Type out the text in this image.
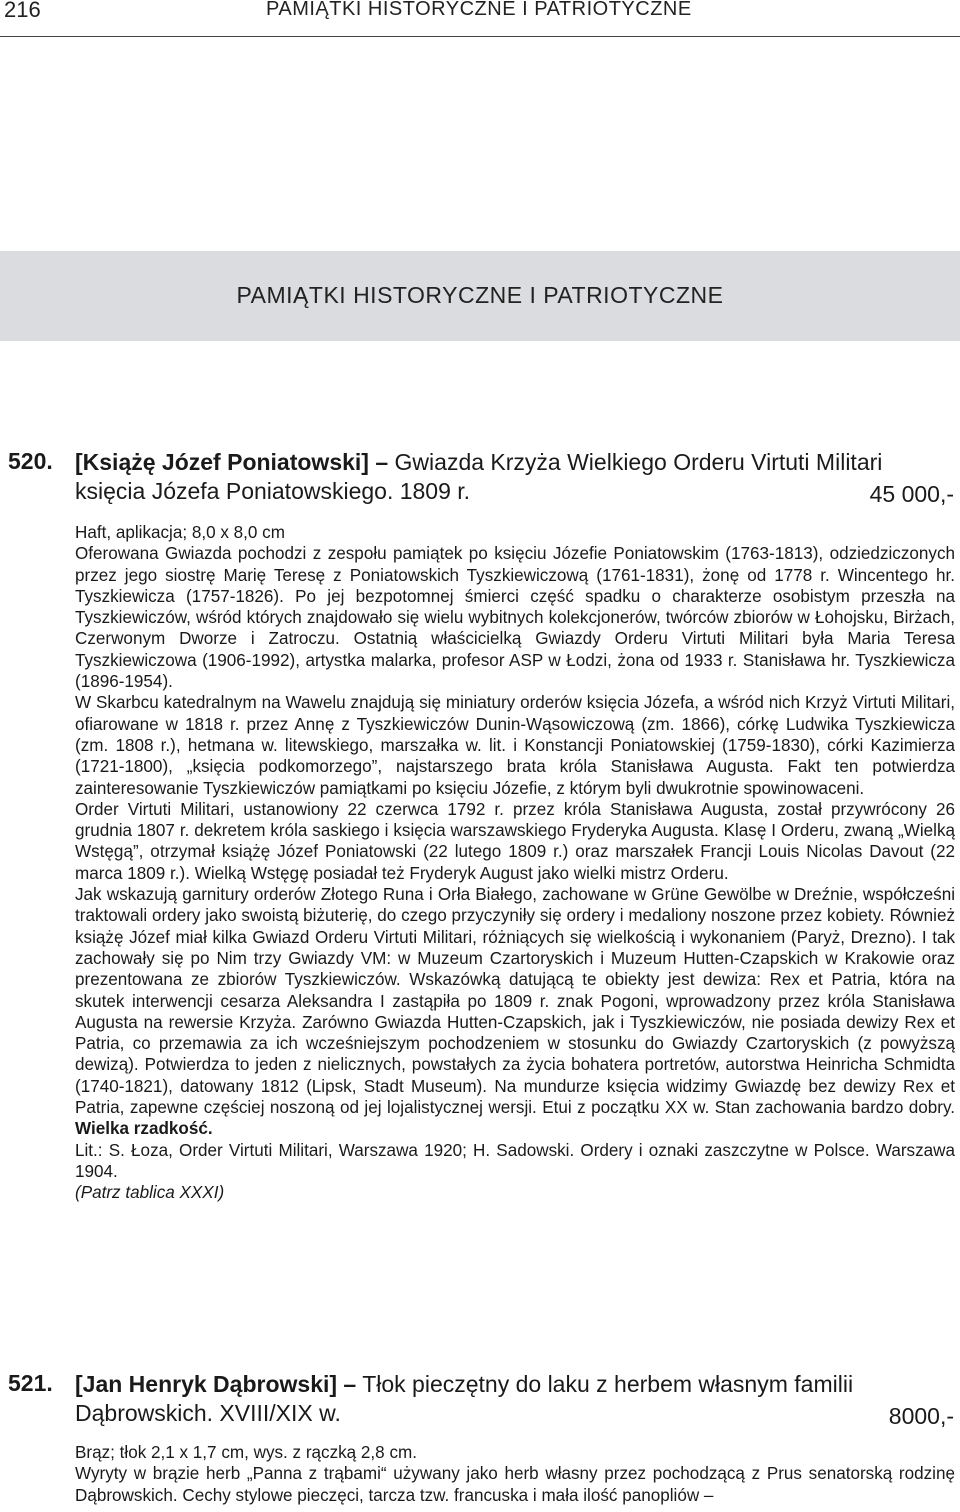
216	PAMIĄTKI HISTORYCZNE I PATRIOTYCZNE
PAMIĄTKI HISTORYCZNE I PATRIOTYCZNE
520. [Książę Józef Poniatowski] – Gwiazda Krzyża Wielkiego Orderu Virtuti Militari
księcia Józefa Poniatowskiego. 1809 r.	45 000,-

Haft, aplikacja; 8,0 x 8,0 cm

Oferowana Gwiazda pochodzi z zespołu pamiątek po księciu Józefie Poniatowskim (1763-1813), odziedziczonych przez jego siostrę Marię Teresę z Poniatowskich Tyszkiewiczową (1761-1831), żonę od 1778 r. Wincentego hr. Tyszkiewicza (1757-1826). Po jej bezpotomnej śmierci część spadku o charakterze osobistym przeszła na Tyszkiewiczów, wśród których znajdowało się wielu wybitnych kolekcjonerów, twórców zbiorów w Łohojsku, Birżach, Czerwonym Dworze i Zatroczu. Ostatnią właścicielką Gwiazdy Orderu Virtuti Militari była Maria Teresa Tyszkiewiczowa (1906-1992), artystka malarka, profesor ASP w Łodzi, żona od 1933 r. Stanisława hr. Tyszkiewicza (1896-1954).

W Skarbcu katedralnym na Wawelu znajdują się miniatury orderów księcia Józefa, a wśród nich Krzyż Virtuti Militari, ofiarowane w 1818 r. przez Annę z Tyszkiewiczów Dunin-Wąsowiczową (zm. 1866), córkę Ludwika Tyszkiewicza (zm. 1808 r.), hetmana w. litewskiego, marszałka w. lit. i Konstancji Poniatowskiej (1759-1830), córki Kazimierza (1721-1800), „księcia podkomorzego”, najstarszego brata króla Stanisława Augusta. Fakt ten potwierdza zainteresowanie Tyszkiewiczów pamiątkami po księciu Józefie, z którym byli dwukrotnie spowinowaceni.

Order Virtuti Militari, ustanowiony 22 czerwca 1792 r. przez króla Stanisława Augusta, został przywrócony 26 grudnia 1807 r. dekretem króla saskiego i księcia warszawskiego Fryderyka Augusta. Klasę I Orderu, zwaną „Wielką Wstęgą”, otrzymał książę Józef Poniatowski (22 lutego 1809 r.) oraz marszałek Francji Louis Nicolas Davout (22 marca 1809 r.). Wielką Wstęgę posiadał też Fryderyk August jako wielki mistrz Orderu.

Jak wskazują garnitury orderów Złotego Runa i Orła Białego, zachowane w Grüne Gewölbe w Dreźnie, współcześni traktowali ordery jako swoistą biżuterię, do czego przyczyniły się ordery i medaliony noszone przez kobiety. Również książę Józef miał kilka Gwiazd Orderu Virtuti Militari, różniących się wielkością i wykonaniem (Paryż, Drezno). I tak zachowały się po Nim trzy Gwiazdy VM: w Muzeum Czartoryskich i Muzeum Hutten-Czapskich w Krakowie oraz prezentowana ze zbiorów Tyszkiewiczów. Wskazówką datującą te obiekty jest dewiza: Rex et Patria, która na skutek interwencji cesarza Aleksandra I zastąpiła po 1809 r. znak Pogoni, wprowadzony przez króla Stanisława Augusta na rewersie Krzyża. Zarówno Gwiazda Hutten-Czapskich, jak i Tyszkiewiczów, nie posiada dewizy Rex et Patria, co przemawia za ich wcześniejszym pochodzeniem w stosunku do Gwiazdy Czartoryskich (z powyższą dewizą). Potwierdza to jeden z nielicznych, powstałych za życia bohatera portretów, autorstwa Heinricha Schmidta (1740-1821), datowany 1812 (Lipsk, Stadt Museum). Na mundurze księcia widzimy Gwiazdę bez dewizy Rex et Patria, zapewne częściej noszoną od jej lojalistycznej wersji. Etui z początku XX w. Stan zachowania bardzo dobry. Wielka rzadkość.

Lit.: S. Łoza, Order Virtuti Militari, Warszawa 1920; H. Sadowski. Ordery i oznaki zaszczytne w Polsce. Warszawa 1904.

(Patrz tablica XXXI)

521. [Jan Henryk Dąbrowski] – Tłok pieczętny do laku z herbem własnym familii
Dąbrowskich. XVIII/XIX w.	8000,-

Brąz; tłok 2,1 x 1,7 cm, wys. z rączką 2,8 cm.

Wyryty w brązie herb „Panna z trąbami“ używany jako herb własny przez pochodzącą z Prus senatorską rodzinę Dąbrowskich. Cechy stylowe pieczęci, tarcza tzw. francuska i mała ilość panopliów –
